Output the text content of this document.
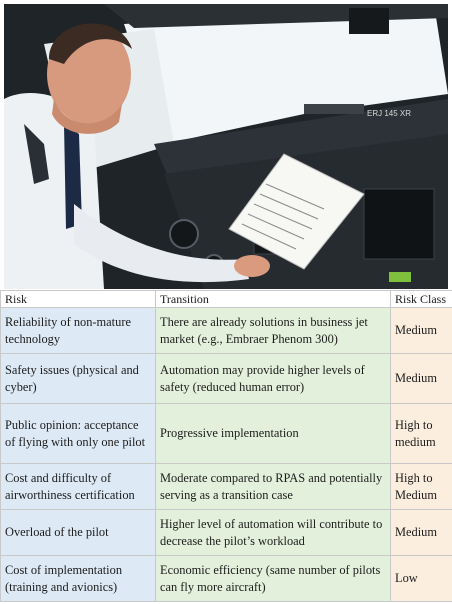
ERJ 145 XR
Risk	Transition	Risk Class
Reliability of non-mature technology	There are already solutions in business jet market (e.g., Embraer Phenom 300)	Medium
Safety issues (physical and cyber)	Automation may provide higher levels of safety (reduced human error)	Medium
Public opinion: acceptance of flying with only one pilot	Progressive implementation	High to medium
Cost and difficulty of airworthiness certification	Moderate compared to RPAS and potentially serving as a transition case	High to Medium
Overload of the pilot	Higher level of automation will contribute to decrease the pilot’s workload	Medium
Cost of implementation (training and avionics)	Economic efficiency (same number of pilots can fly more aircraft)	Low
